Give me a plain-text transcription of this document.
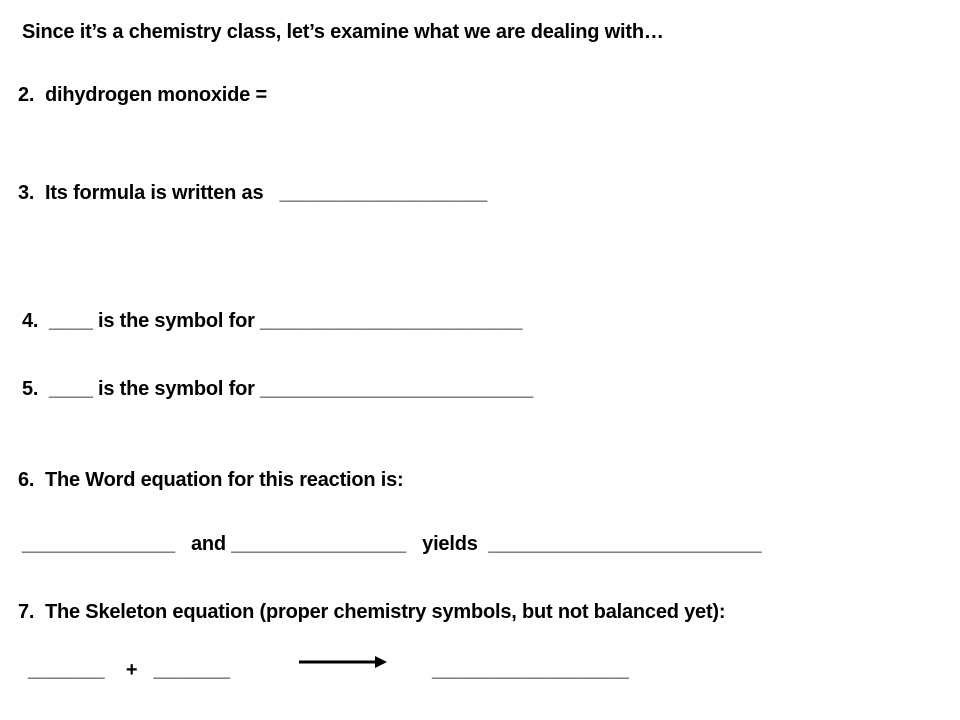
Since it’s a chemistry class, let’s examine what we are dealing with…
2.  dihydrogen monoxide =
3.  Its formula is written as   ___________________
4.  ____ is the symbol for ________________________
5.  ____ is the symbol for _________________________
6.  The Word equation for this reaction is:
______________   and ________________   yields  _________________________
7.  The Skeleton equation (proper chemistry symbols, but not balanced yet):
_______    +   _______	__________________
